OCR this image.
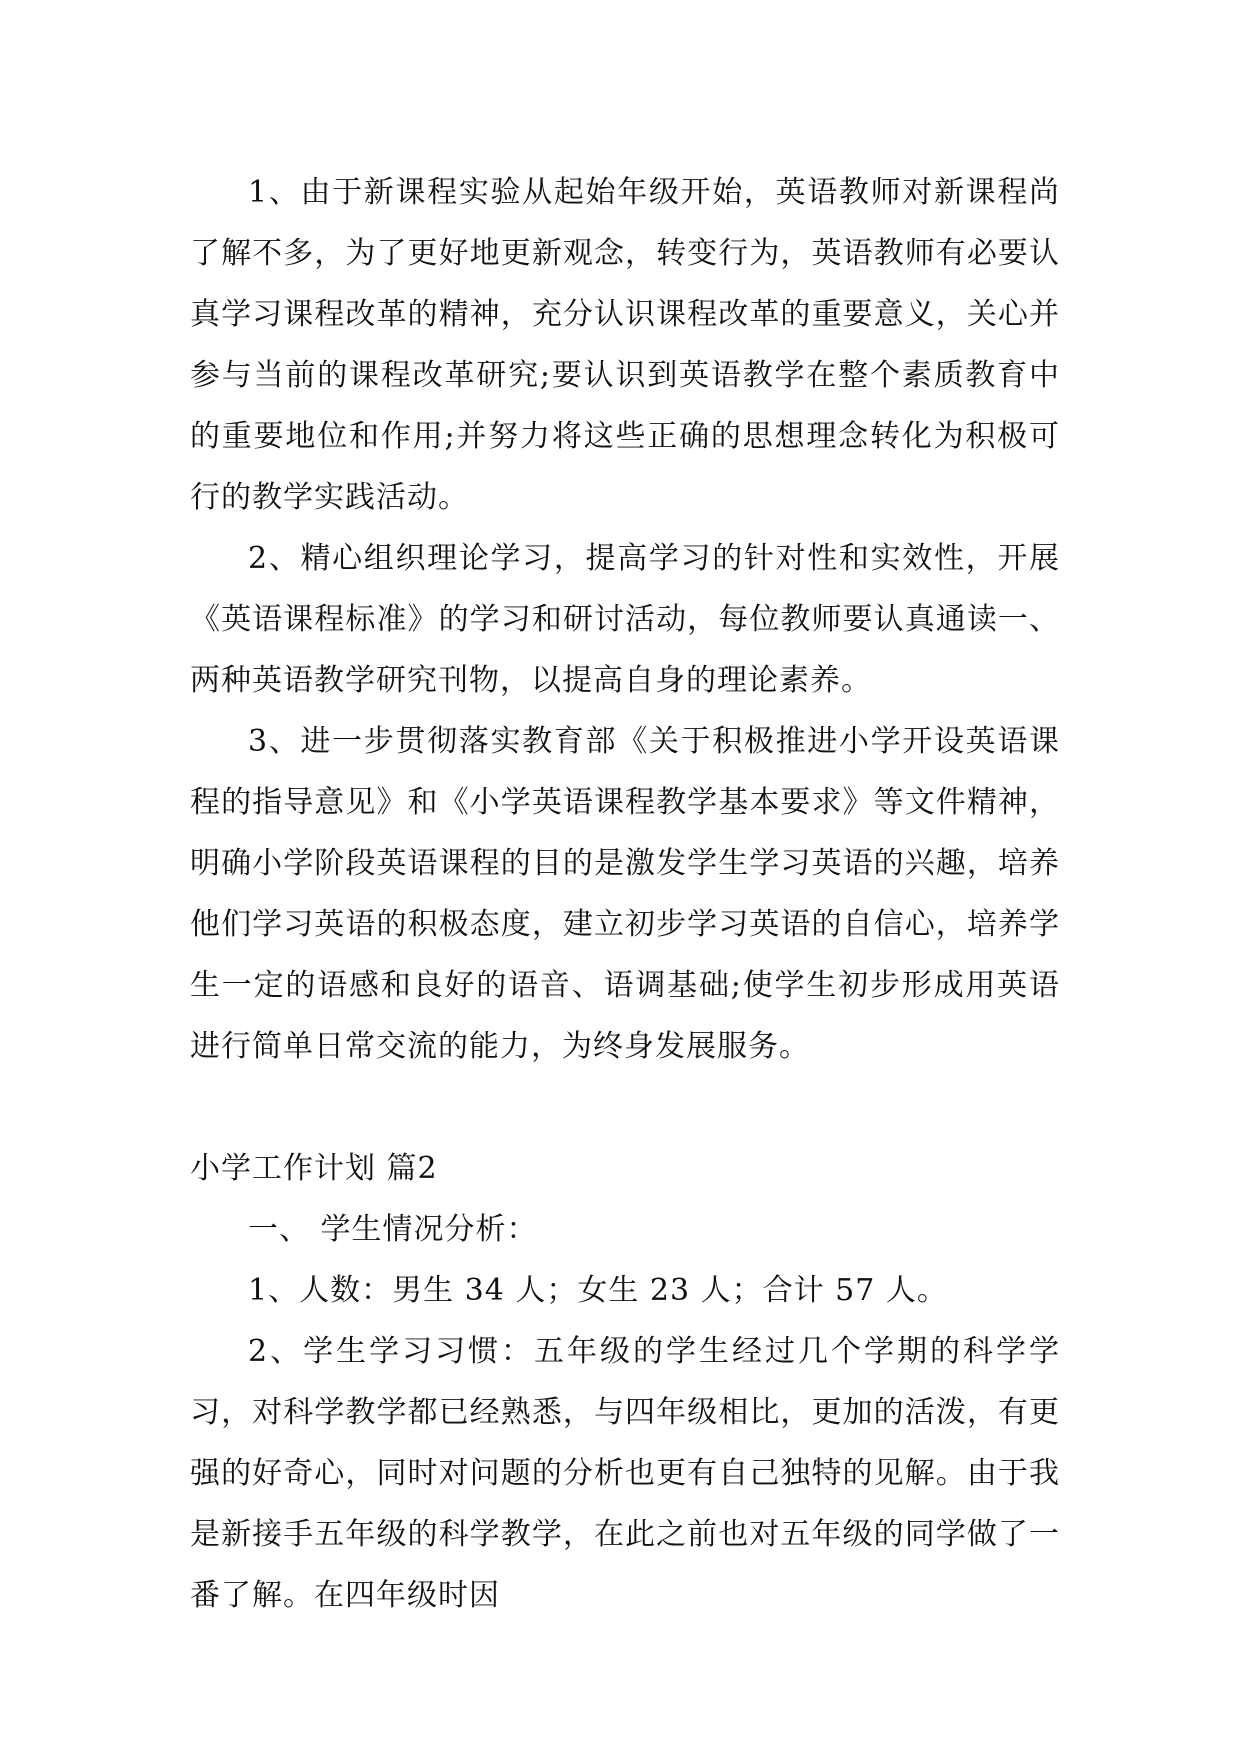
1、由于新课程实验从起始年级开始，英语教师对新课程尚了解不多，为了更好地更新观念，转变行为，英语教师有必要认真学习课程改革的精神，充分认识课程改革的重要意义，关心并参与当前的课程改革研究;要认识到英语教学在整个素质教育中的重要地位和作用;并努力将这些正确的思想理念转化为积极可行的教学实践活动。

2、精心组织理论学习，提高学习的针对性和实效性，开展《英语课程标准》的学习和研讨活动，每位教师要认真通读一、两种英语教学研究刊物，以提高自身的理论素养。

3、进一步贯彻落实教育部《关于积极推进小学开设英语课程的指导意见》和《小学英语课程教学基本要求》等文件精神，明确小学阶段英语课程的目的是激发学生学习英语的兴趣，培养他们学习英语的积极态度，建立初步学习英语的自信心，培养学生一定的语感和良好的语音、语调基础;使学生初步形成用英语进行简单日常交流的能力，为终身发展服务。

小学工作计划 篇2

一、 学生情况分析：

1、人数：男生 34 人；女生 23 人；合计 57 人。

2、学生学习习惯：五年级的学生经过几个学期的科学学习，对科学教学都已经熟悉，与四年级相比，更加的活泼，有更强的好奇心，同时对问题的分析也更有自己独特的见解。由于我是新接手五年级的科学教学，在此之前也对五年级的同学做了一番了解。在四年级时因
